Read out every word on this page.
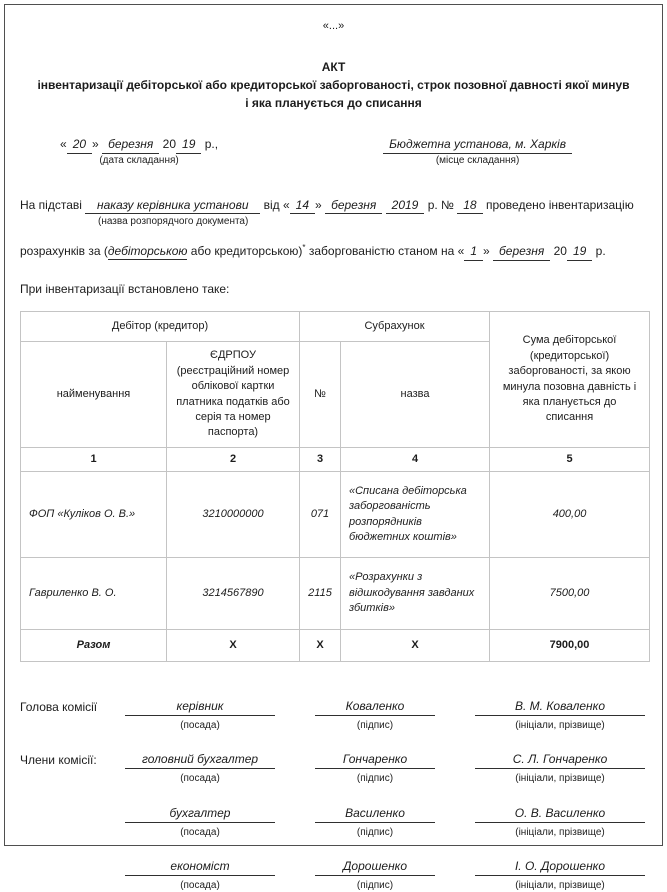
«...»
АКТ
інвентаризації дебіторської або кредиторської заборгованості, строк позовної давності якої минув
і яка планується до списання
« 20 » березня 20 19 р.,
(дата складання)
Бюджетна установа, м. Харків
(місце складання)
На підставі наказу керівника установи від « 14 » березня 2019 р. № 18 проведено інвентаризацію
(назва розпорядчого документа)
розрахунків за (дебіторською або кредиторською)* заборгованістю станом на « 1 » березня 20 19 р.
При інвентаризації встановлено таке:
Дебітор (кредитор)		Субрахунок		Сума дебіторської (кредиторської) заборгованості, за якою минула позовна давність і яка планується до списання
найменування	ЄДРПОУ (реєстраційний номер облікової картки платника податків або серія та номер паспорта)	№	назва	
1	2	3	4	5
ФОП «Куліков О. В.»	3210000000	071	«Списана дебіторська заборгованість розпорядників бюджетних коштів»	400,00
Гавриленко В. О.	3214567890	2115	«Розрахунки з відшкодування завданих збитків»	7500,00
Разом	Х	Х	Х	7900,00
Голова комісії	керівник
(посада)
Коваленко
(підпис)
В. М. Коваленко
(ініціали, прізвище)
Члени комісії:	головний бухгалтер
(посада)
Гончаренко
(підпис)
С. Л. Гончаренко
(ініціали, прізвище)
бухгалтер
(посада)
Василенко
(підпис)
О. В. Василенко
(ініціали, прізвище)
економіст
(посада)
Дорошенко
(підпис)
І. О. Дорошенко
(ініціали, прізвище)
